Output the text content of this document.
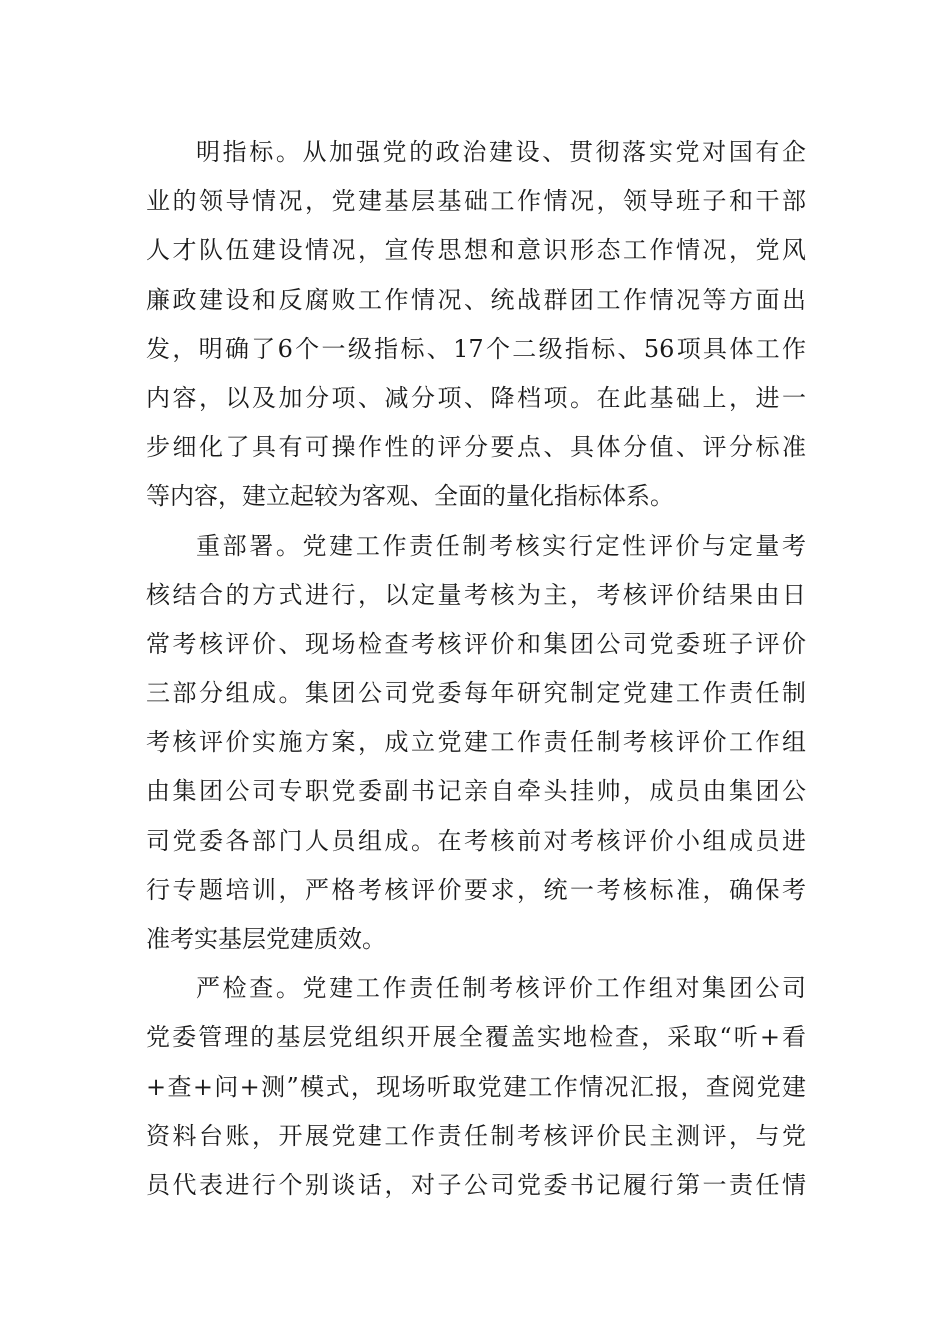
明指标。从加强党的政治建设、贯彻落实党对国有企
业的领导情况，党建基层基础工作情况，领导班子和干部
人才队伍建设情况，宣传思想和意识形态工作情况，党风
廉政建设和反腐败工作情况、统战群团工作情况等方面出
发，明确了6个一级指标、17个二级指标、56项具体工作
内容，以及加分项、减分项、降档项。在此基础上，进一
步细化了具有可操作性的评分要点、具体分值、评分标准
等内容，建立起较为客观、全面的量化指标体系。
重部署。党建工作责任制考核实行定性评价与定量考
核结合的方式进行，以定量考核为主，考核评价结果由日
常考核评价、现场检查考核评价和集团公司党委班子评价
三部分组成。集团公司党委每年研究制定党建工作责任制
考核评价实施方案，成立党建工作责任制考核评价工作组
由集团公司专职党委副书记亲自牵头挂帅，成员由集团公
司党委各部门人员组成。在考核前对考核评价小组成员进
行专题培训，严格考核评价要求，统一考核标准，确保考
准考实基层党建质效。
严检查。党建工作责任制考核评价工作组对集团公司
党委管理的基层党组织开展全覆盖实地检查，采取“听+看
+查+问+测”模式，现场听取党建工作情况汇报，查阅党建
资料台账，开展党建工作责任制考核评价民主测评，与党
员代表进行个别谈话，对子公司党委书记履行第一责任情
